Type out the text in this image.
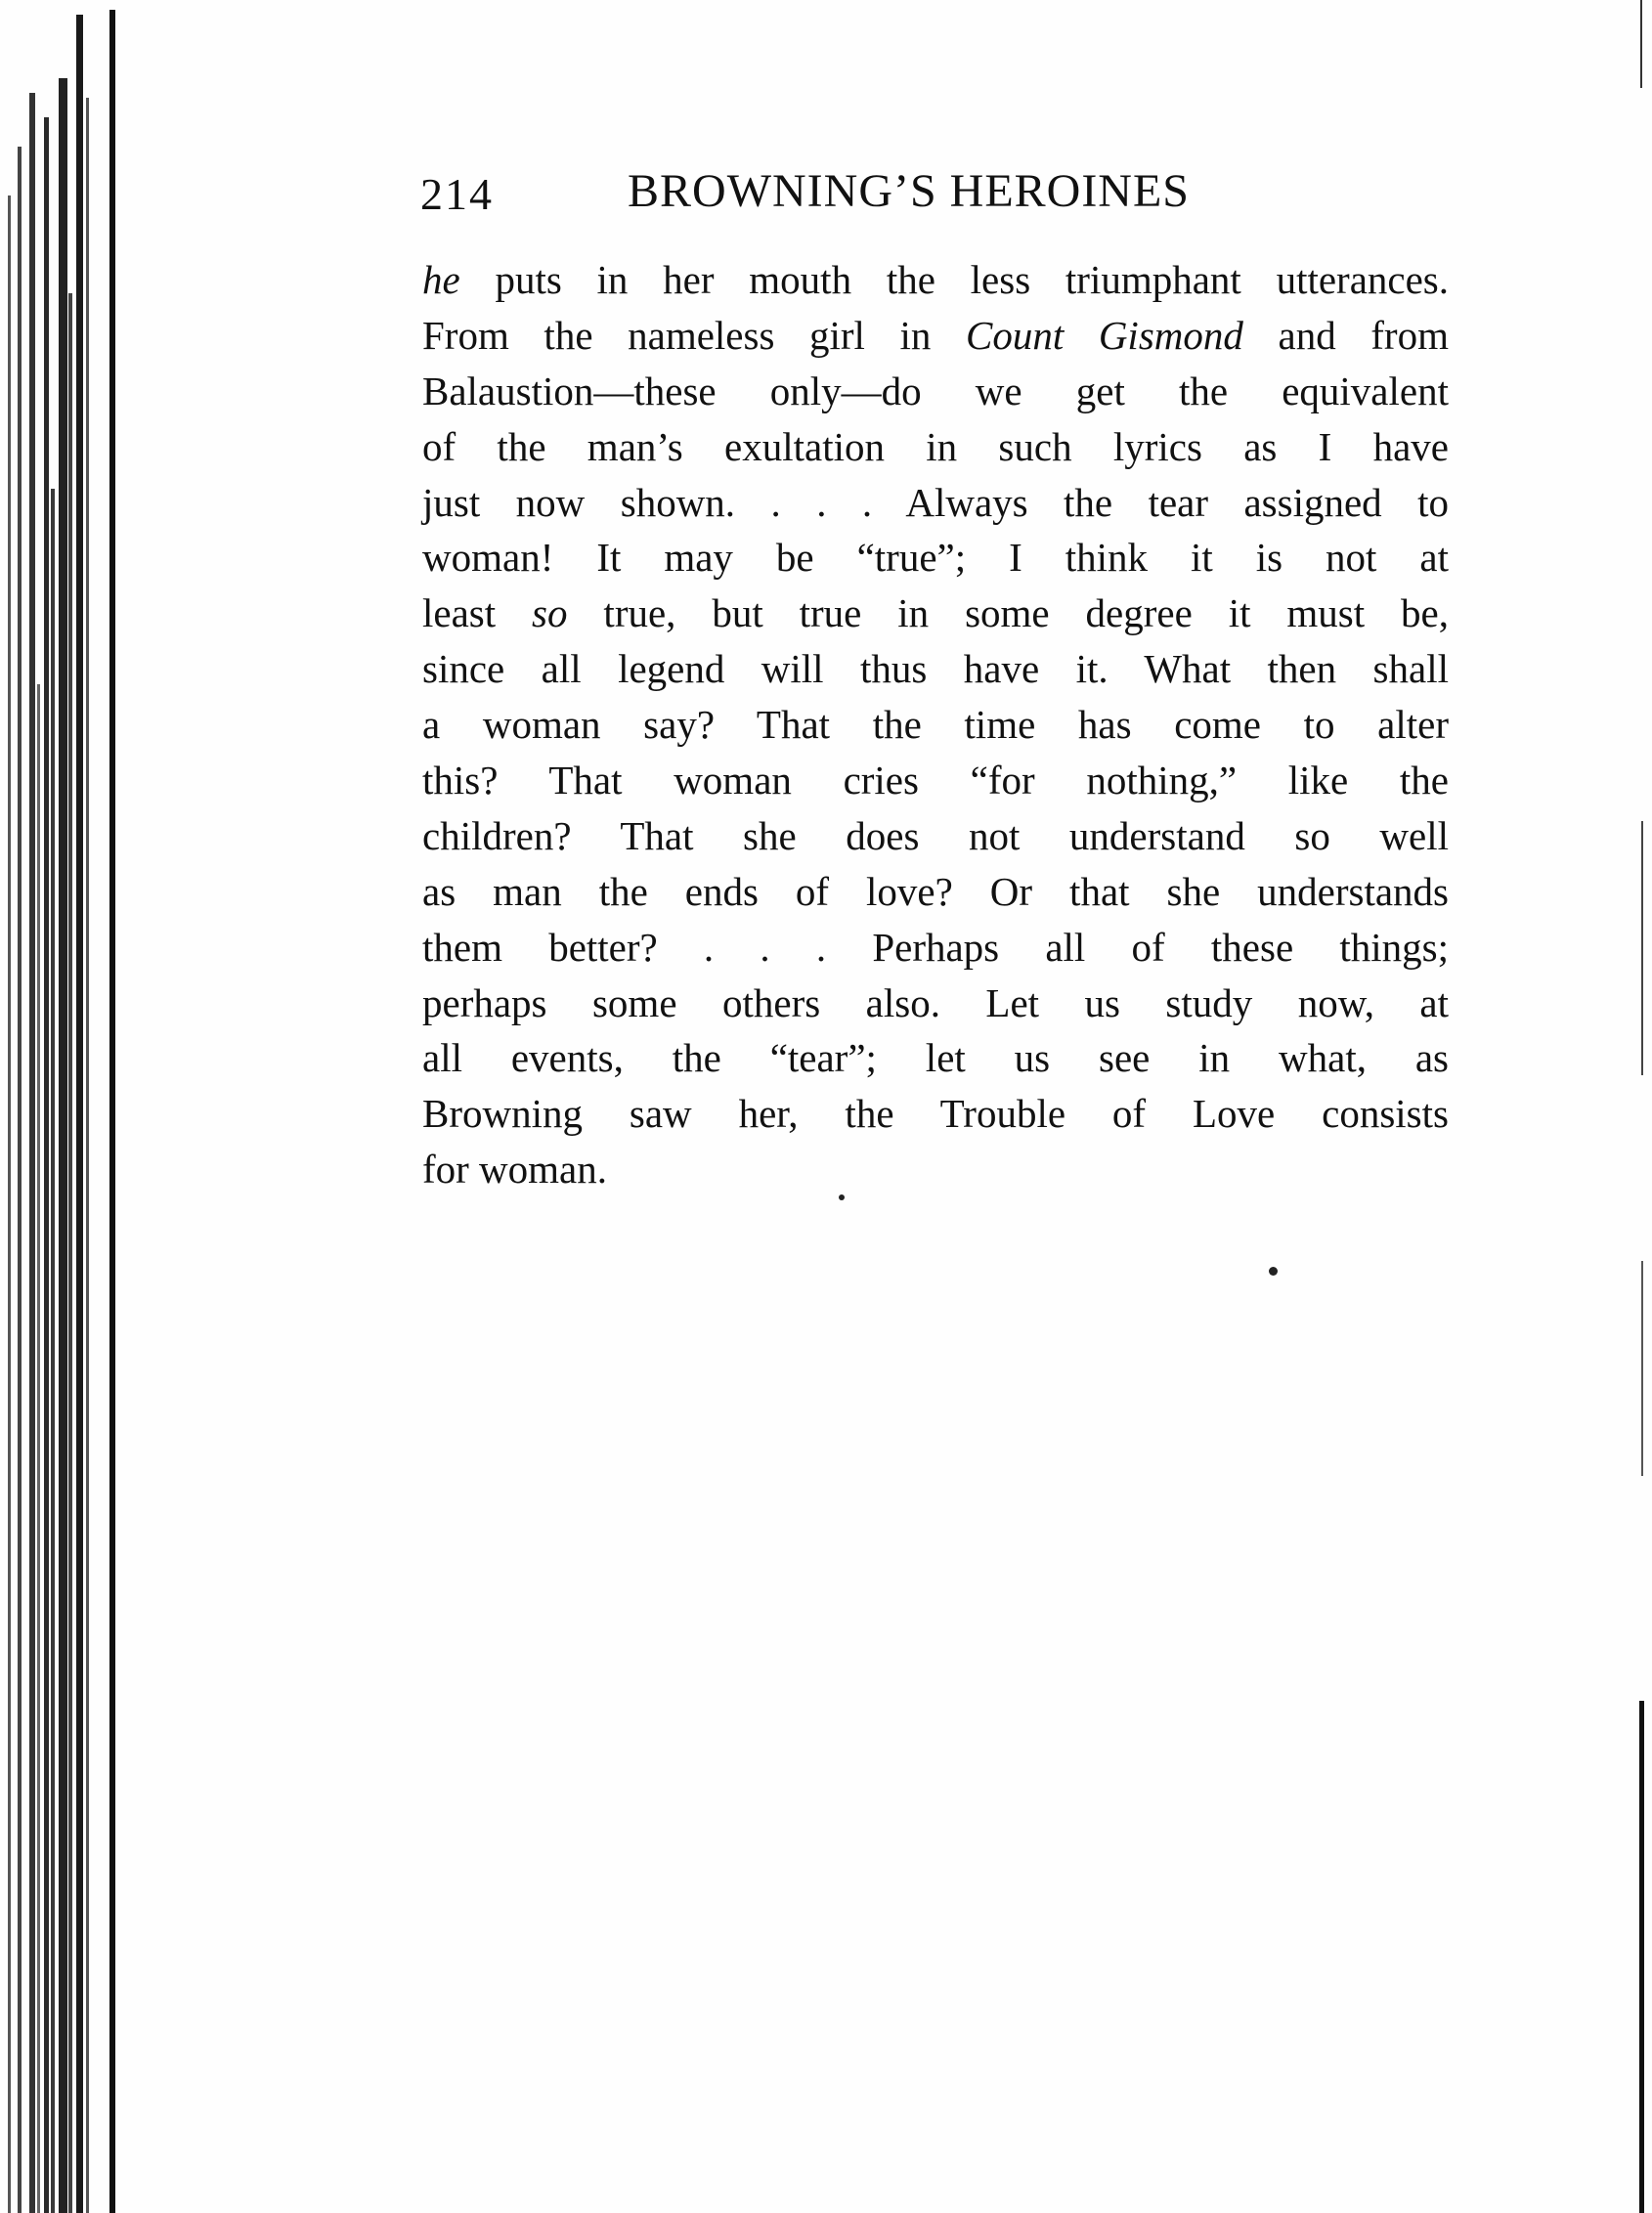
214	BROWNING’S HEROINES
he puts in her mouth the less triumphant utterances.
From the nameless girl in Count Gismond and from
Balaustion—these only—do we get the equivalent
of the man’s exultation in such lyrics as I have
just now shown. . . . Always the tear assigned to
woman! It may be “true”; I think it is not at
least so true, but true in some degree it must be,
since all legend will thus have it. What then shall
a woman say? That the time has come to alter
this? That woman cries “for nothing,” like the
children? That she does not understand so well
as man the ends of love? Or that she understands
them better? . . . Perhaps all of these things;
perhaps some others also. Let us study now, at
all events, the “tear”; let us see in what, as
Browning saw her, the Trouble of Love consists
for woman.
